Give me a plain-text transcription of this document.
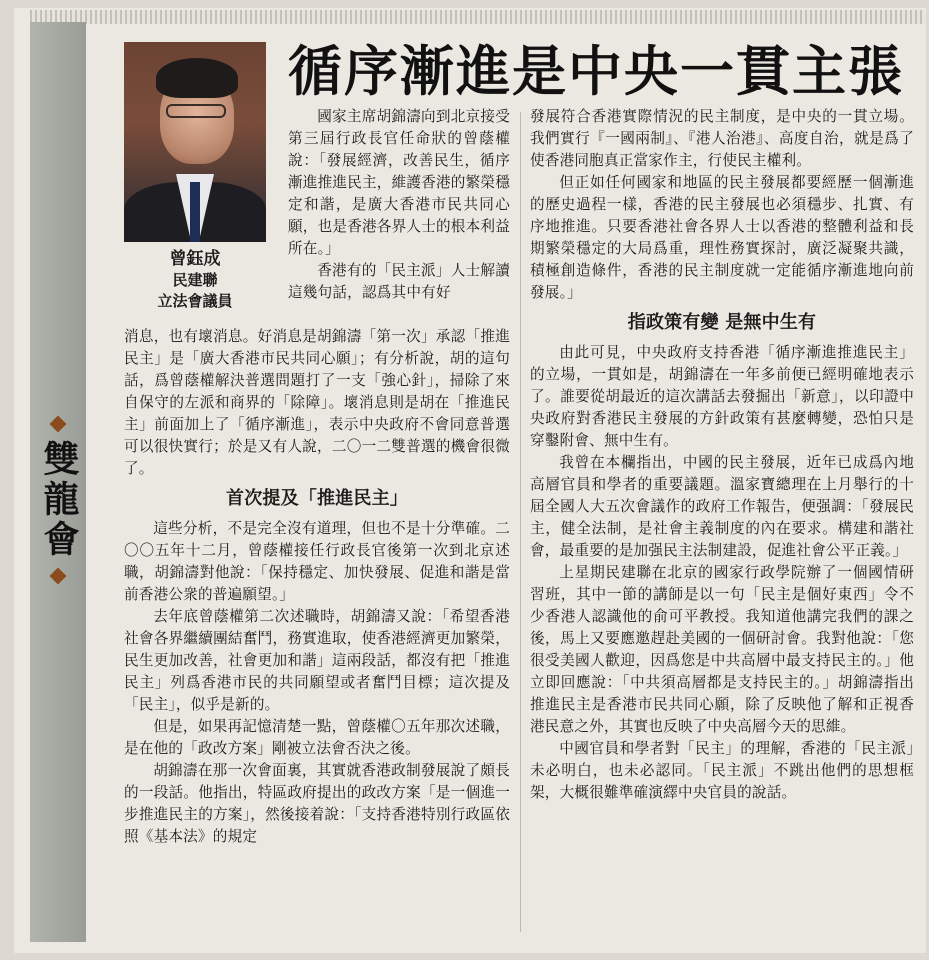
雙龍會
曾鈺成
民建聯
立法會議員
循序漸進是中央一貫主張

國家主席胡錦濤向到北京接受第三屆行政長官任命狀的曾蔭權說：「發展經濟，改善民生，循序漸進推進民主，維護香港的繁榮穩定和諧，是廣大香港市民共同心願，也是香港各界人士的根本利益所在。」

香港有的「民主派」人士解讀這幾句話，認爲其中有好

消息，也有壞消息。好消息是胡錦濤「第一次」承認「推進民主」是「廣大香港市民共同心願」；有分析說，胡的這句話，爲曾蔭權解決普選問題打了一支「強心針」，掃除了來自保守的左派和商界的「除障」。壞消息則是胡在「推進民主」前面加上了「循序漸進」，表示中央政府不會同意普選可以很快實行；於是又有人說，二〇一二雙普選的機會很微了。

首次提及「推進民主」

這些分析，不是完全沒有道理，但也不是十分準確。二〇〇五年十二月，曾蔭權接任行政長官後第一次到北京述職，胡錦濤對他說：「保持穩定、加快發展、促進和諧是當前香港公衆的普遍願望。」

去年底曾蔭權第二次述職時，胡錦濤又說：「希望香港社會各界繼續團結奮鬥，務實進取，使香港經濟更加繁榮，民生更加改善，社會更加和諧」這兩段話，都沒有把「推進民主」列爲香港市民的共同願望或者奮鬥目標；這次提及「民主」，似乎是新的。

但是，如果再記憶清楚一點，曾蔭權〇五年那次述職，是在他的「政改方案」剛被立法會否決之後。

胡錦濤在那一次會面裏，其實就香港政制發展說了頗長的一段話。他指出，特區政府提出的政改方案「是一個進一步推進民主的方案」，然後接着說：「支持香港特別行政區依照《基本法》的規定

發展符合香港實際情況的民主制度，是中央的一貫立場。我們實行『一國兩制』、『港人治港』、高度自治，就是爲了使香港同胞真正當家作主，行使民主權利。

但正如任何國家和地區的民主發展都要經歷一個漸進的歷史過程一樣，香港的民主發展也必須穩步、扎實、有序地推進。只要香港社會各界人士以香港的整體利益和長期繁榮穩定的大局爲重，理性務實探討，廣泛凝聚共識，積極創造條件，香港的民主制度就一定能循序漸進地向前發展。」

指政策有變 是無中生有

由此可見，中央政府支持香港「循序漸進推進民主」的立場，一貫如是，胡錦濤在一年多前便已經明確地表示了。誰要從胡最近的這次講話去發掘出「新意」，以印證中央政府對香港民主發展的方針政策有甚麼轉變，恐怕只是穿鑿附會、無中生有。

我曾在本欄指出，中國的民主發展，近年已成爲內地高層官員和學者的重要議題。溫家寶總理在上月舉行的十屆全國人大五次會議作的政府工作報告，便强調：「發展民主，健全法制，是社會主義制度的內在要求。構建和諧社會，最重要的是加强民主法制建設，促進社會公平正義。」

上星期民建聯在北京的國家行政學院辦了一個國情研習班，其中一節的講師是以一句「民主是個好東西」令不少香港人認識他的俞可平教授。我知道他講完我們的課之後，馬上又要應邀趕赴美國的一個研討會。我對他說：「您很受美國人歡迎，因爲您是中共高層中最支持民主的。」他立即回應說：「中共須高層都是支持民主的。」胡錦濤指出推進民主是香港市民共同心願，除了反映他了解和正視香港民意之外，其實也反映了中央高層今天的思維。

中國官員和學者對「民主」的理解，香港的「民主派」未必明白，也未必認同。「民主派」不跳出他們的思想框架，大概很難準確演繹中央官員的說話。
